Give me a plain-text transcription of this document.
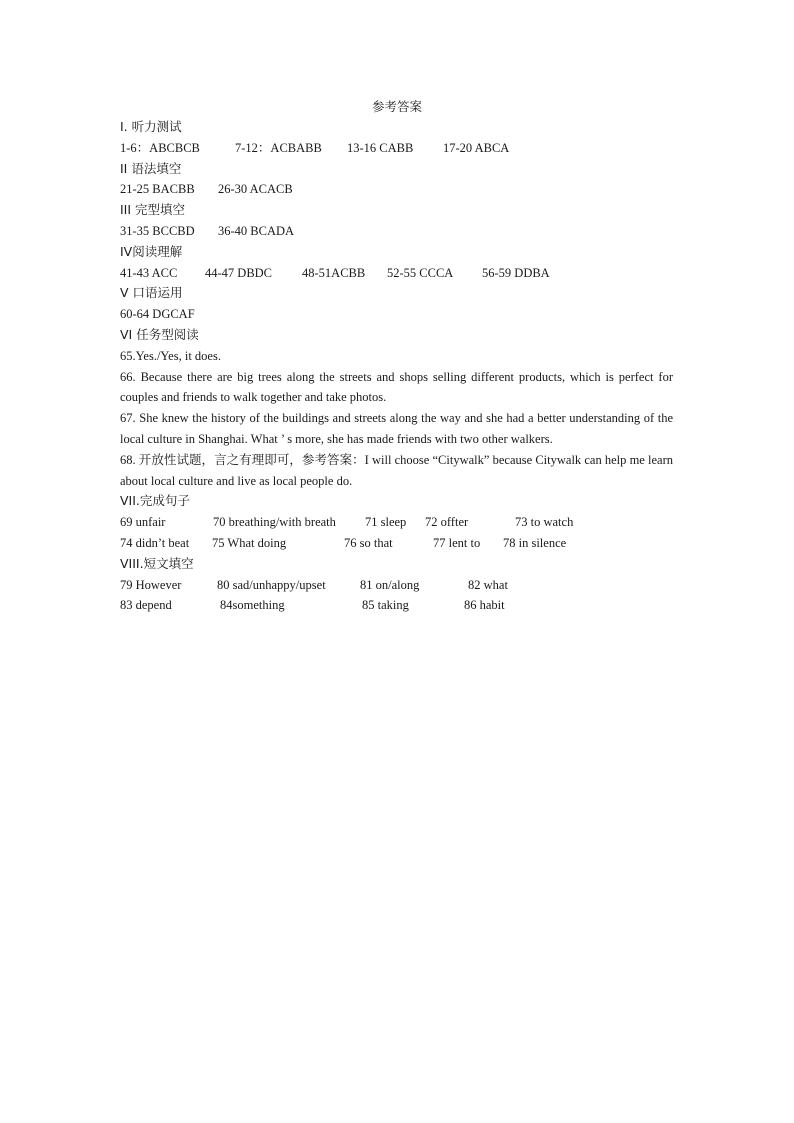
参考答案
I. 听力测试
1-6：ABCBCB	7-12：ACBABB 13-16 CABB 17-20 ABCA
II 语法填空
21-25 BACBB 26-30 ACACB
III 完型填空
31-35 BCCBD 36-40 BCADA
IV阅读理解
41-43 ACC 44-47 DBDC 48-51ACBB 52-55 CCCA 56-59 DDBA
V 口语运用
60-64 DGCAF
VI 任务型阅读
65.Yes./Yes, it does.
66. Because there are big trees along the streets and shops selling different products, which is perfect for couples and friends to walk together and take photos.
67. She knew the history of the buildings and streets along the way and she had a better understanding of the local culture in Shanghai. What ’ s more, she has made friends with two other walkers.
68. 开放性试题，言之有理即可，参考答案：I will choose “Citywalk” because Citywalk can help me learn about local culture and live as local people do.
VII.完成句子
69 unfair	70 breathing/with breath 71 sleep 72 offter	73 to watch
74 didn’t beat 75 What doing	76 so that	77 lent to 78 in silence
VIII.短文填空
79 However	80 sad/unhappy/upset	81 on/along	82 what
83 depend	84something	85 taking	86 habit
